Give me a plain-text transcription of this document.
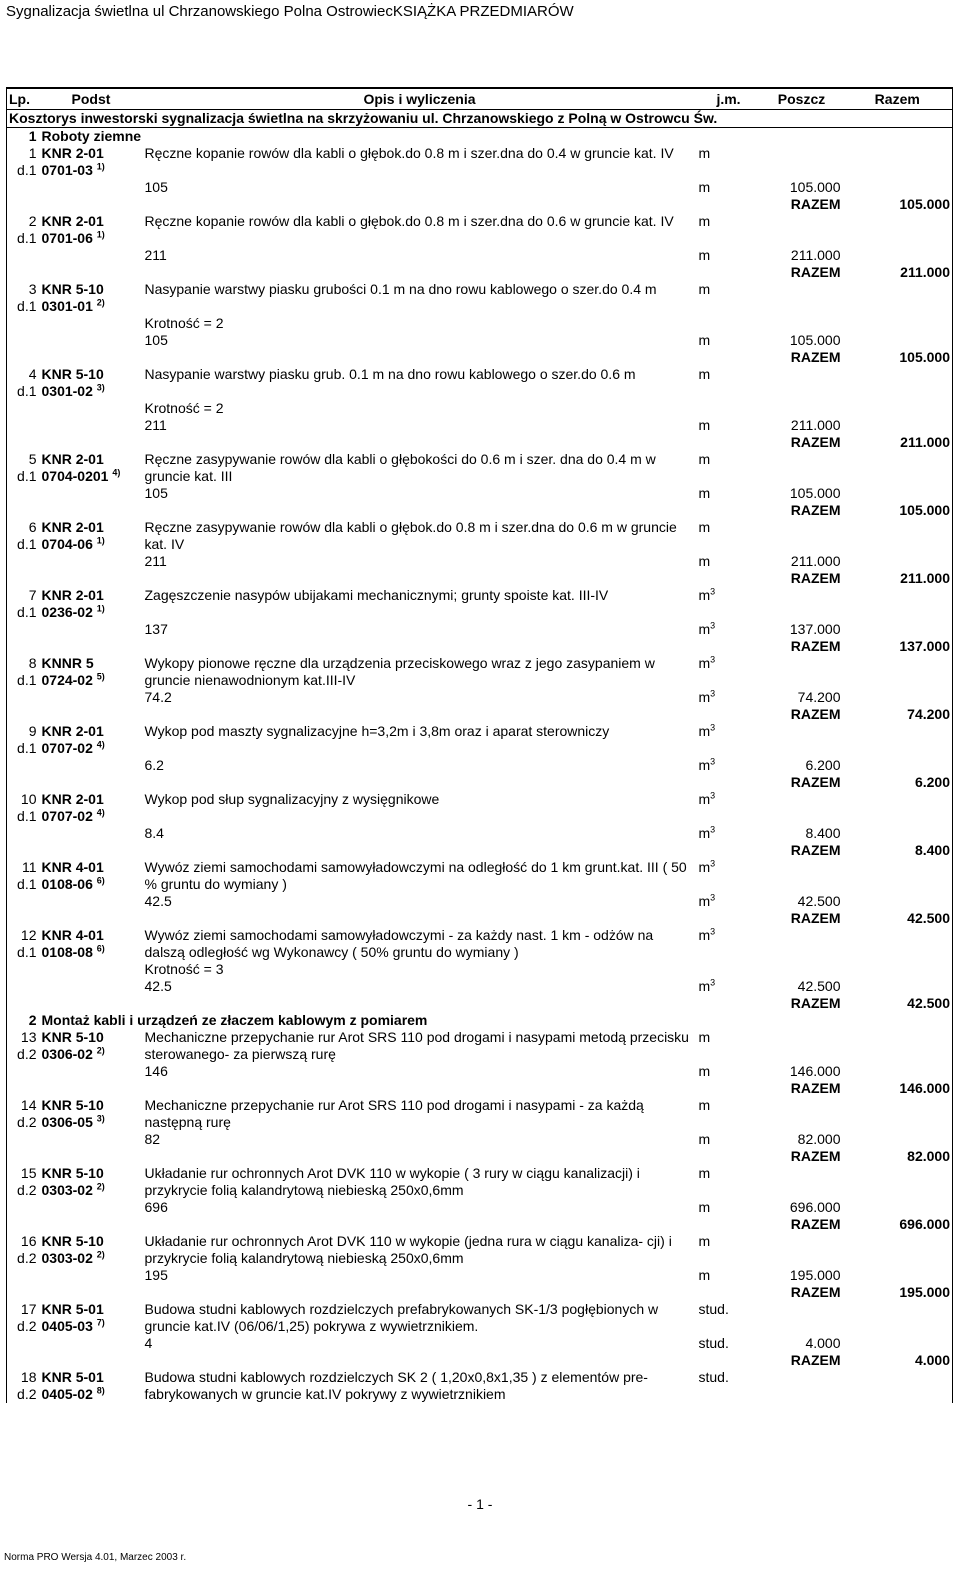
Sygnalizacja świetlna ul Chrzanowskiego Polna OstrowiecKSIĄŻKA PRZEDMIARÓW
Lp.	Podst	Opis i wyliczenia	j.m.	Poszcz	Razem
Kosztorys inwestorski sygnalizacja świetlna na skrzyżowaniu ul. Chrzanowskiego z Polną w Ostrowcu Św.					
1	Roboty ziemne				
1	KNR 2-01	Ręczne kopanie rowów dla kabli o głębok.do 0.8 m i szer.dna do 0.4 w gruncie kat. IV	m		
d.1	0701-03 $^{1)}$			
		105	m	105.000	
			RAZEM		105.000
2	KNR 2-01	Ręczne kopanie rowów dla kabli o głębok.do 0.8 m i szer.dna do 0.6 w gruncie kat. IV	m		
d.1	0701-06 $^{1)}$			
		211	m	211.000	
			RAZEM		211.000
3	KNR 5-10	Nasypanie warstwy piasku grubości 0.1 m na dno rowu kablowego o szer.do 0.4 m	m		
d.1	0301-01 $^{2)}$				
		Krotność = 2			
		105	m	105.000	
			RAZEM		105.000
4	KNR 5-10	Nasypanie warstwy piasku grub. 0.1 m na dno rowu kablowego o szer.do 0.6 m	m		
d.1	0301-02 $^{3)}$				
		Krotność = 2			
		211	m	211.000	
			RAZEM		211.000
5	KNR 2-01	Ręczne zasypywanie rowów dla kabli o głębokości do 0.6 m i szer. dna do 0.4 m w gruncie kat. III	m		
d.1	0704-0201 $^{4)}$			
		105	m	105.000	
			RAZEM		105.000
6	KNR 2-01	Ręczne zasypywanie rowów dla kabli o głębok.do 0.8 m i szer.dna do 0.6 m w gruncie kat. IV	m		
d.1	0704-06 $^{1)}$			
		211	m	211.000	
			RAZEM		211.000
7	KNR 2-01	Zagęszczenie nasypów ubijakami mechanicznymi; grunty spoiste kat. III-IV	$m^3$		
d.1	0236-02 $^{1)}$				
		137	$m^3$	137.000	
			RAZEM		137.000
8	KNNR 5	Wykopy pionowe ręczne dla urządzenia przeciskowego wraz z jego zasypaniem w gruncie nienawodnionym kat.III-IV	$m^3$		
d.1	0724-02 $^{5)}$			
		74.2	$m^3$	74.200	
			RAZEM		74.200
9	KNR 2-01	Wykop pod maszty sygnalizacyjne h=3,2m i 3,8m oraz i aparat sterowniczy	$m^3$		
d.1	0707-02 $^{4)}$				
		6.2	$m^3$	6.200	
			RAZEM		6.200
10	KNR 2-01	Wykop pod słup sygnalizacyjny z wysięgnikowe	$m^3$		
d.1	0707-02 $^{4)}$				
		8.4	$m^3$	8.400	
			RAZEM		8.400
11	KNR 4-01	Wywóz ziemi samochodami samowyładowczymi na odległość do 1 km grunt.kat. III ( 50 % gruntu do wymiany )	$m^3$		
d.1	0108-06 $^{6)}$			
		42.5	$m^3$	42.500	
			RAZEM		42.500
12	KNR 4-01	Wywóz ziemi samochodami samowyładowczymi - za każdy nast. 1 km - odżów na dalszą odległość wg Wykonawcy ( 50% gruntu do wymiany )	$m^3$		
d.1	0108-08 $^{6)}$			
		Krotność = 3			
		42.5	$m^3$	42.500	
			RAZEM		42.500
2	Montaż kabli i urządzeń ze złaczem kablowym z pomiarem				
13	KNR 5-10	Mechaniczne przepychanie rur Arot SRS 110 pod drogami i nasypami metodą przecisku sterowanego- za pierwszą rurę	m		
d.2	0306-02 $^{2)}$			
		146	m	146.000	
			RAZEM		146.000
14	KNR 5-10	Mechaniczne przepychanie rur Arot SRS 110 pod drogami i nasypami - za każdą następną rurę	m		
d.2	0306-05 $^{3)}$			
		82	m	82.000	
			RAZEM		82.000
15	KNR 5-10	Układanie rur ochronnych Arot DVK 110 w wykopie ( 3 rury w ciągu kanalizacji) i przykrycie folią kalandrytową niebieską 250x0,6mm	m		
d.2	0303-02 $^{2)}$			
		696	m	696.000	
			RAZEM		696.000
16	KNR 5-10	Układanie rur ochronnych Arot DVK 110 w wykopie (jedna rura w ciągu kanaliza- cji) i przykrycie folią kalandrytową niebieską 250x0,6mm	m		
d.2	0303-02 $^{2)}$			
		195	m	195.000	
			RAZEM		195.000
17	KNR 5-01	Budowa studni kablowych rozdzielczych prefabrykowanych SK-1/3 pogłębionych w gruncie kat.IV (06/06/1,25) pokrywa z wywietrznikiem.	stud.		
d.2	0405-03 $^{7)}$			
		4	stud.	4.000	
			RAZEM		4.000
18	KNR 5-01	Budowa studni kablowych rozdzielczych SK 2 ( 1,20x0,8x1,35 ) z elementów pre- fabrykowanych w gruncie kat.IV pokrywy z wywietrznikiem	stud.		
d.2	0405-02 $^{8)}$			
- 1 -
Norma PRO Wersja 4.01, Marzec 2003 r.
